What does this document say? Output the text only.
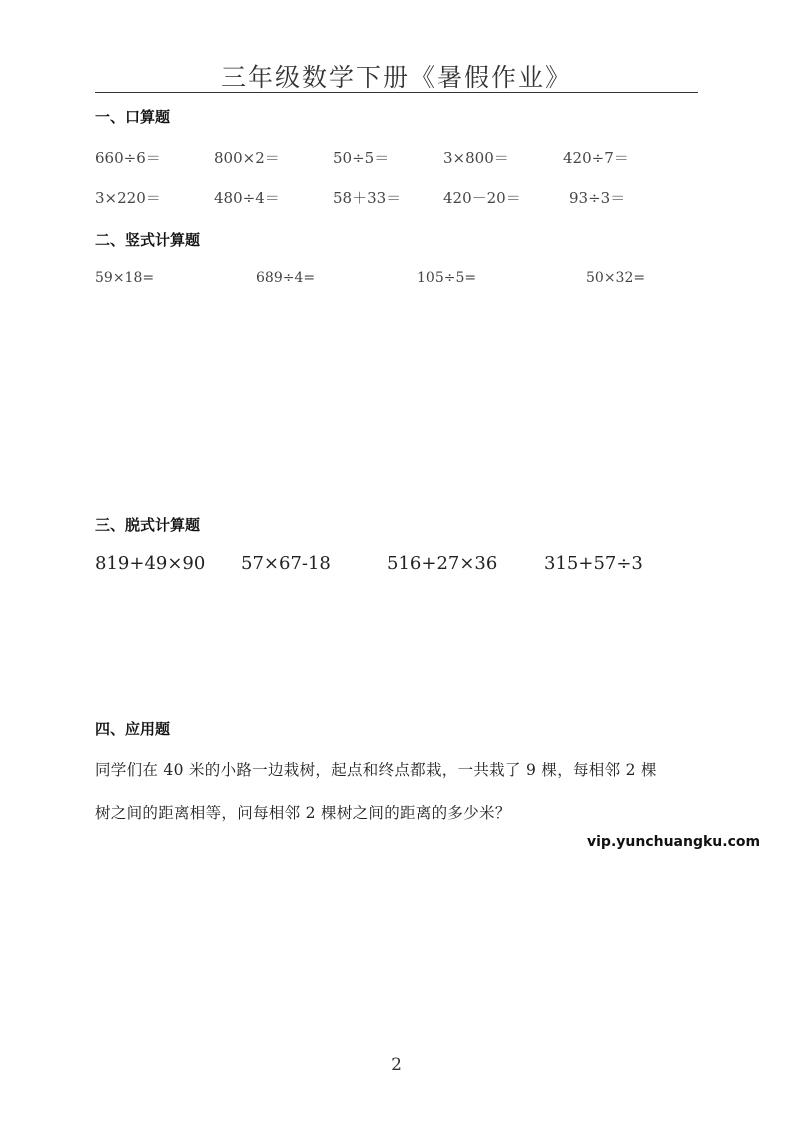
三年级数学下册《暑假作业》
一、口算题
660÷6＝	800×2＝	50÷5＝	3×800＝	420÷7＝
3×220＝	480÷4＝	58＋33＝	420－20＝	93÷3＝
二、竖式计算题
59×18=	689÷4=	105÷5=	50×32=
三、脱式计算题
819+49×90 57×67-18	516+27×36	315+57÷3
四、应用题
同学们在 40 米的小路一边栽树，起点和终点都栽，一共栽了 9 棵，每相邻 2 棵
树之间的距离相等，问每相邻 2 棵树之间的距离的多少米？
vip.yunchuangku.com
2
